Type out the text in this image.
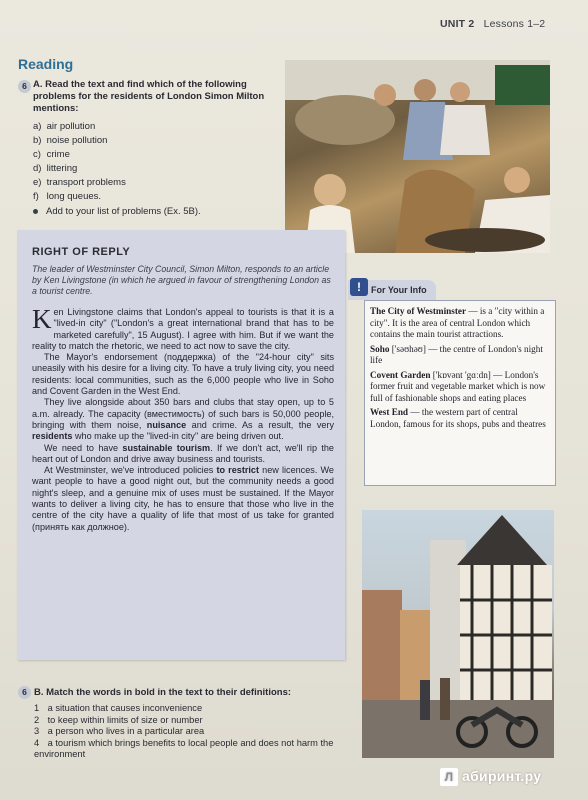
UNIT 2 Lessons 1–2
Reading
6 A. Read the text and find which of the following problems for the residents of London Simon Milton mentions:
a) air pollution
b) noise pollution
c) crime
d) littering
e) transport problems
f) long queues.
Add to your list of problems (Ex. 5B).
RIGHT OF REPLY
The leader of Westminster City Council, Simon Milton, responds to an article by Ken Livingstone (in which he argued in favour of strengthening London as a tourist centre.

Ken Livingstone claims that London's appeal to tourists is that it is a "lived-in city" ("London's a great international brand that has to be marketed carefully", 15 August). I agree with him. But if we want the reality to match the rhetoric, we need to act now to save the city.

The Mayor's endorsement (поддержка) of the "24-hour city" sits uneasily with his desire for a living city. To have a truly living city, you need residents: local communities, such as the 6,000 people who live in Soho and Covent Garden in the West End.

They live alongside about 350 bars and clubs that stay open, up to 5 a.m. already. The capacity (вместимость) of such bars is 50,000 people, bringing with them noise, nuisance and crime. As a result, the very residents who make up the "lived-in city" are being driven out.

We need to have sustainable tourism. If we don't act, we'll rip the heart out of London and drive away business and tourists.

At Westminster, we've introduced policies to restrict new licences. We want people to have a good night out, but the community needs a good night's sleep, and a genuine mix of uses must be sustained. If the Mayor wants to deliver a living city, he has to ensure that those who live in the centre of the city have a quality of life that most of us take for granted (принять как должное).

!	For Your Info
The City of Westminster — is a "city within a city". It is the area of central London which contains the main tourist attractions.
Soho ['səʊhəʊ] — the centre of London's night life
Covent Garden ['kɒvənt 'gɑːdn] — London's former fruit and vegetable market which is now full of fashionable shops and eating places
West End — the western part of central London, famous for its shops, pubs and theatres
6 B. Match the words in bold in the text to their definitions:
1 a situation that causes inconvenience
2 to keep within limits of size or number
3 a person who lives in a particular area
4 a tourism which brings benefits to local people and does not harm the environment
Л абиринт.ру
